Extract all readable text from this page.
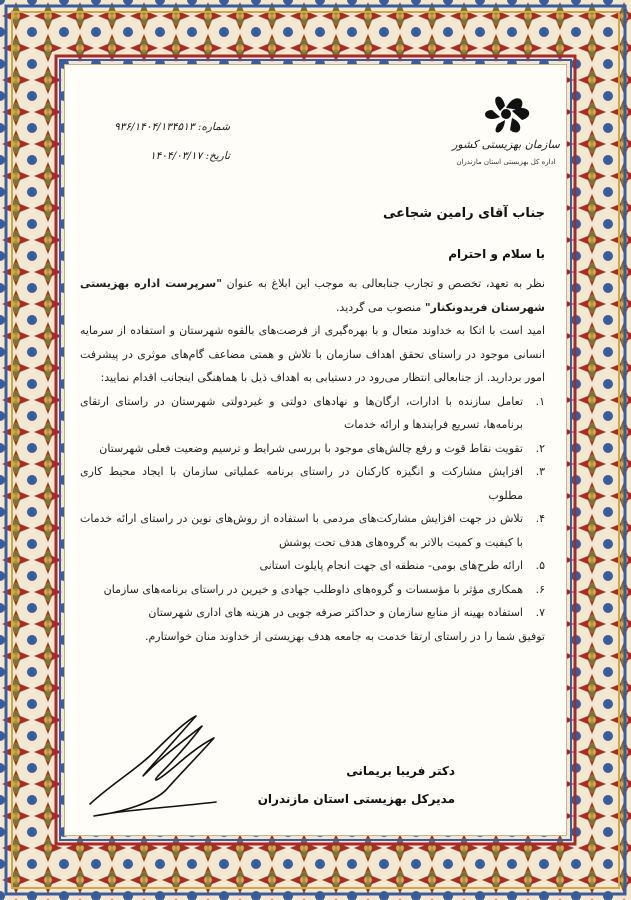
سازمان بهزیستی کشور
اداره کل بهزیستی استان مازندران
شماره: ۹۳۶/۱۴۰۴/۱۳۴۵۱۳
تاریخ: ۱۴۰۴/۰۳/۱۷
جناب آقای رامین شجاعی
با سلام و احترام

نظر به تعهد، تخصص و تجارب جنابعالی به موجب این ابلاغ به عنوان "سرپرست اداره بهزیستی شهرستان فریدونکنار" منصوب می گردید.

امید است با اتکا به خداوند متعال و با بهره‌گیری از فرصت‌های بالقوه شهرستان و استفاده از سرمایه انسانی موجود در راستای تحقق اهداف سازمان با تلاش و همتی مضاعف گام‌های موثری در پیشرفت امور بردارید. از جنابعالی انتظار می‌رود در دستیابی به اهداف ذیل با هماهنگی اینجانب اقدام نمایید:

۱.
تعامل سازنده با ادارات، ارگان‌ها و نهادهای دولتی و غیردولتی شهرستان در راستای ارتقای برنامه‌ها، تسریع فرایندها و ارائه خدمات
۲.
تقویت نقاط قوت و رفع چالش‌های موجود با بررسی شرایط و ترسیم وضعیت فعلی شهرستان
۳.
افزایش مشارکت و انگیزه کارکنان در راستای برنامه عملیاتی سازمان با ایجاد محیط کاری مطلوب
۴.
تلاش در جهت افزایش مشارکت‌های مردمی با استفاده از روش‌های نوین در راستای ارائه خدمات با کیفیت و کمیت بالاتر به گروه‌های هدف تحت پوشش
۵.
ارائه طرح‌های بومی- منطقه ای جهت انجام پایلوت استانی
۶.
همکاری مؤثر با مؤسسات و گروه‌های داوطلب جهادی و خیرین در راستای برنامه‌های سازمان
۷.
استفاده بهینه از منابع سازمان و حداکثر صرفه جویی در هزینه های اداری شهرستان

توفیق شما را در راستای ارتقا خدمت به جامعه هدف بهزیستی از خداوند منان خواستارم.

دکتر فریبا بریمانی
مدیرکل بهزیستی استان مازندران
